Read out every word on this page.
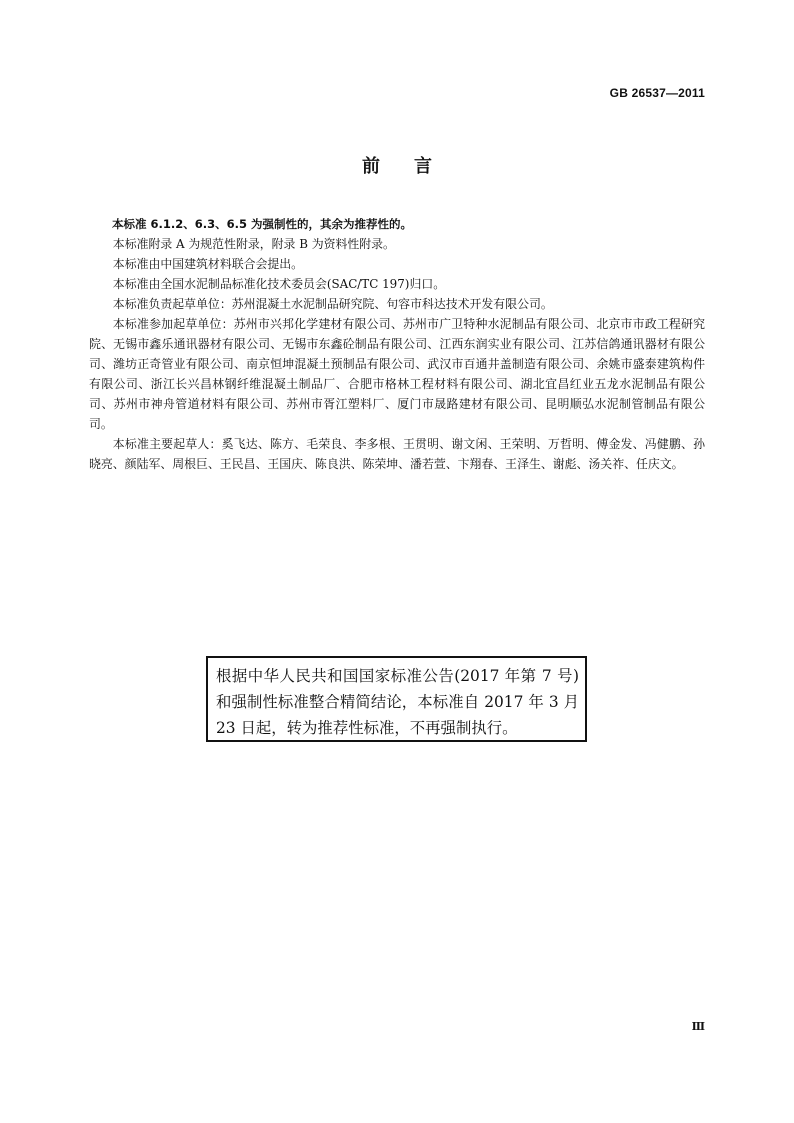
GB 26537—2011
前言

本标准 6.1.2、6.3、6.5 为强制性的，其余为推荐性的。

本标准附录 A 为规范性附录，附录 B 为资料性附录。

本标准由中国建筑材料联合会提出。

本标准由全国水泥制品标准化技术委员会(SAC/TC 197)归口。

本标准负责起草单位：苏州混凝土水泥制品研究院、句容市科达技术开发有限公司。

本标准参加起草单位：苏州市兴邦化学建材有限公司、苏州市广卫特种水泥制品有限公司、北京市市政工程研究院、无锡市鑫乐通讯器材有限公司、无锡市东鑫砼制品有限公司、江西东润实业有限公司、江苏信鸽通讯器材有限公司、潍坊正奇管业有限公司、南京恒坤混凝土预制品有限公司、武汉市百通井盖制造有限公司、余姚市盛泰建筑构件有限公司、浙江长兴昌林钢纤维混凝土制品厂、合肥市格林工程材料有限公司、湖北宜昌红业五龙水泥制品有限公司、苏州市神舟管道材料有限公司、苏州市胥江塑料厂、厦门市晟路建材有限公司、昆明顺弘水泥制管制品有限公司。

本标准主要起草人：奚飞达、陈方、毛荣良、李多根、王贯明、谢文闲、王荣明、万哲明、傅金发、冯健鹏、孙晓亮、颜陆军、周根巨、王民昌、王国庆、陈良洪、陈荣坤、潘若萱、卞翔春、王泽生、谢彪、汤关祚、任庆文。

根据中华人民共和国国家标准公告(2017 年第 7 号)和强制性标准整合精简结论，本标准自 2017 年 3 月 23 日起，转为推荐性标准，不再强制执行。
Ⅲ
